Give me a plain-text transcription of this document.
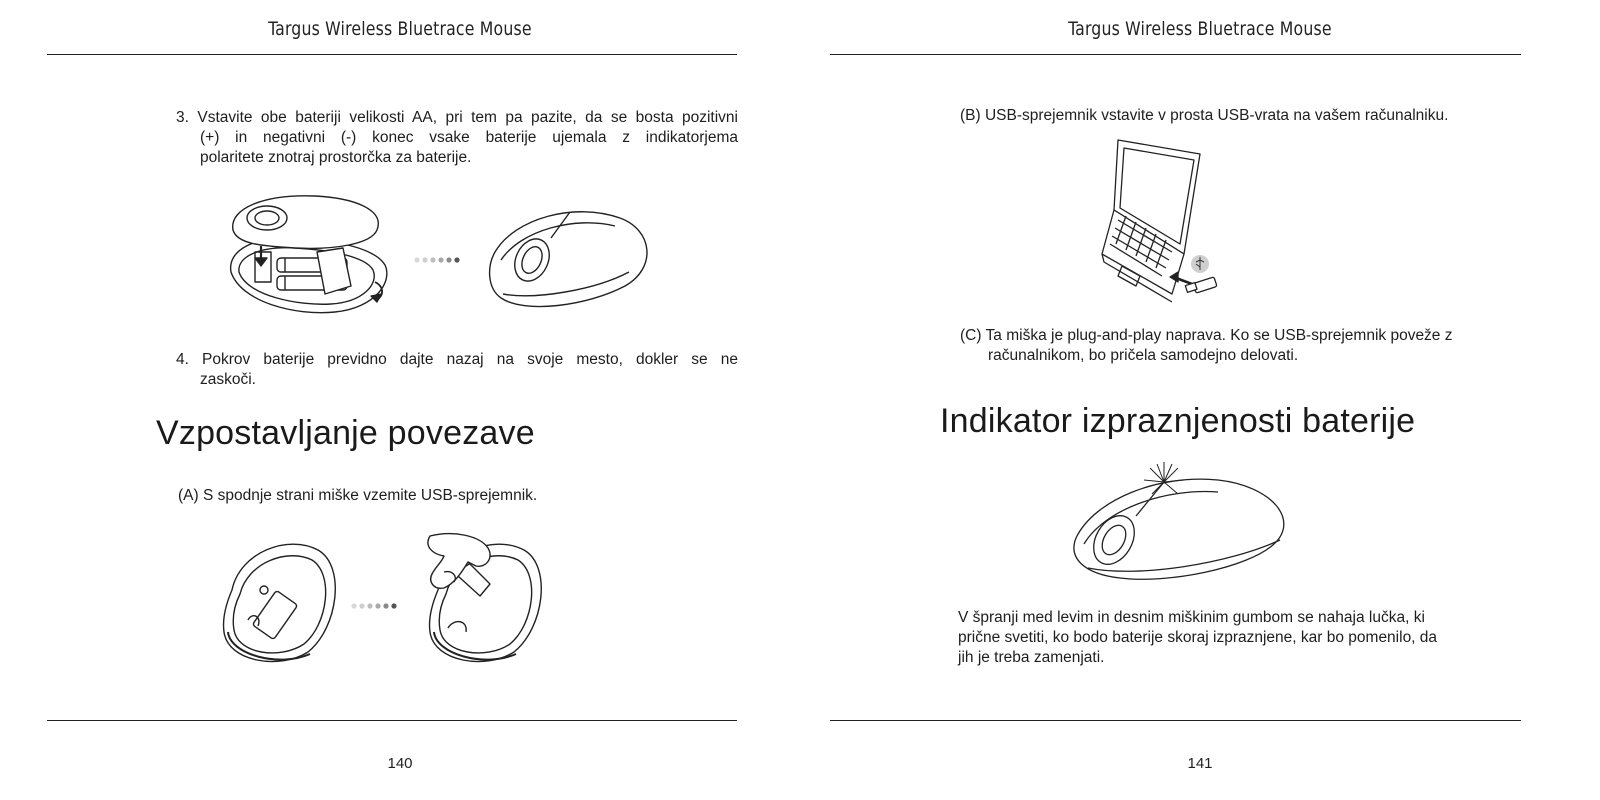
Targus Wireless Bluetrace Mouse
3. Vstavite obe bateriji velikosti AA, pri tem pa pazite, da se bosta pozitivni
(+) in negativni (-) konec vsake baterije ujemala z indikatorjema
polaritete znotraj prostorčka za baterije.
4. Pokrov baterije previdno dajte nazaj na svoje mesto, dokler se ne
zaskoči.
Vzpostavljanje povezave
(A) S spodnje strani miške vzemite USB-sprejemnik.
140
Targus Wireless Bluetrace Mouse
(B) USB-sprejemnik vstavite v prosta USB-vrata na vašem računalniku.
(C) Ta miška je plug-and-play naprava. Ko se USB-sprejemnik poveže z
računalnikom, bo pričela samodejno delovati.
Indikator izpraznjenosti baterije
V špranji med levim in desnim miškinim gumbom se nahaja lučka, ki
prične svetiti, ko bodo baterije skoraj izpraznjene, kar bo pomenilo, da
jih je treba zamenjati.
141
